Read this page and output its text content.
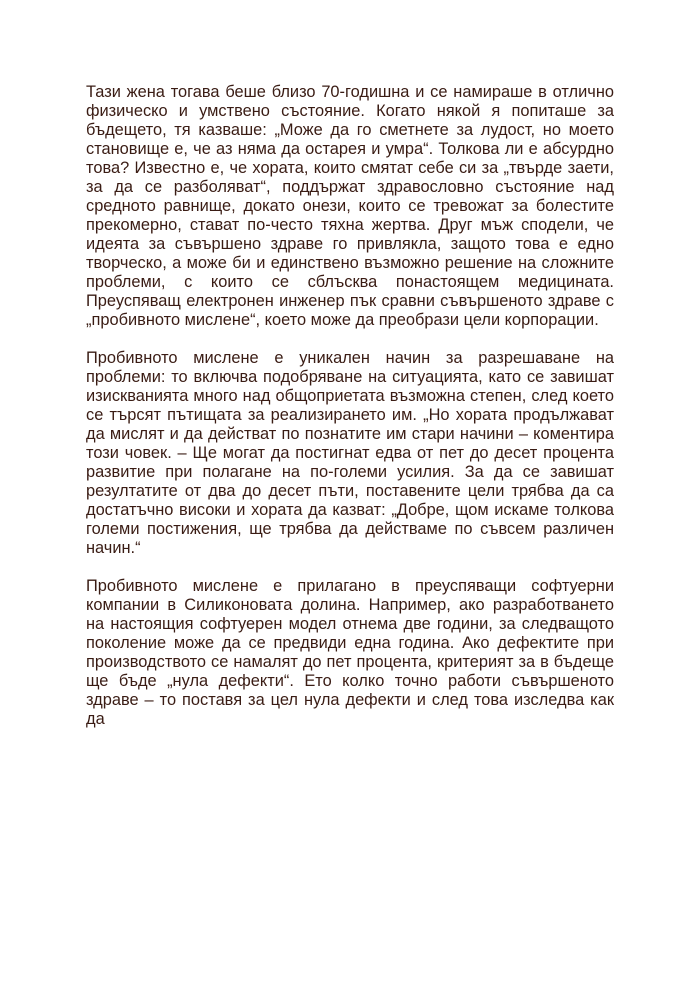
Тази жена тогава беше близо 70-годишна и се намираше в отлично физическо и умствено състояние. Когато някой я попиташе за бъдещето, тя казваше: „Може да го сметнете за лудост, но моето становище е, че аз няма да остарея и умра“. Толкова ли е абсурдно това? Известно е, че хората, които смятат себе си за „твърде заети, за да се разболяват“, поддържат здравословно състояние над средното равнище, докато онези, които се тревожат за болестите прекомерно, стават по-често тяхна жертва. Друг мъж сподели, че идеята за съвършено здраве го привлякла, защото това е едно творческо, а може би и единствено възможно решение на сложните проблеми, с които се сблъсква понастоящем медицината. Преуспяващ електронен инженер пък сравни съвършеното здраве с „пробивното мислене“, което може да преобрази цели корпорации.

Пробивното мислене е уникален начин за разрешаване на проблеми: то включва подобряване на ситуацията, като се завишат изискванията много над общоприетата възможна степен, след което се търсят пътищата за реализирането им. „Но хората продължават да мислят и да действат по познатите им стари начини – коментира този човек. – Ще могат да постигнат едва от пет до десет процента развитие при полагане на по-големи усилия. За да се завишат резултатите от два до десет пъти, поставените цели трябва да са достатъчно високи и хората да казват: „Добре, щом искаме толкова големи постижения, ще трябва да действаме по съвсем различен начин.“

Пробивното мислене е прилагано в преуспяващи софтуерни компании в Силиконовата долина. Например, ако разработването на настоящия софтуерен модел отнема две години, за следващото поколение може да се предвиди една година. Ако дефектите при производството се намалят до пет процента, критерият за в бъдеще ще бъде „нула дефекти“. Ето колко точно работи съвършеното здраве – то поставя за цел нула дефекти и след това изследва как да
